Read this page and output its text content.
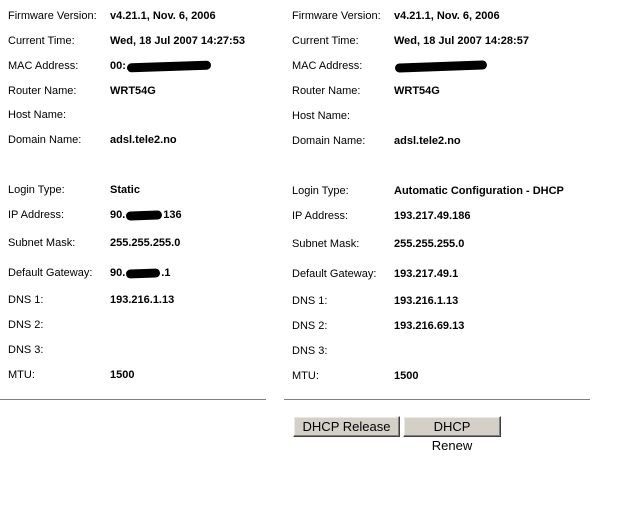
Firmware Version: v4.21.1, Nov. 6, 2006
Current Time:	Wed, 18 Jul 2007 14:27:53
MAC Address:	00:
Router Name:	WRT54G
Host Name:
Domain Name:	adsl.tele2.no
Login Type:	Static
IP Address:	90.	136
Subnet Mask:	255.255.255.0
Default Gateway: 90.	.1
DNS 1:	193.216.1.13
DNS 2:
DNS 3:
MTU:	1500
Firmware Version: v4.21.1, Nov. 6, 2006
Current Time:	Wed, 18 Jul 2007 14:28:57
MAC Address:
Router Name:	WRT54G
Host Name:
Domain Name:	adsl.tele2.no
Login Type:	Automatic Configuration - DHCP
IP Address:	193.217.49.186
Subnet Mask:	255.255.255.0
Default Gateway: 193.217.49.1
DNS 1:	193.216.1.13
DNS 2:	193.216.69.13
DNS 3:
MTU:	1500
DHCP Release	DHCP Renew
